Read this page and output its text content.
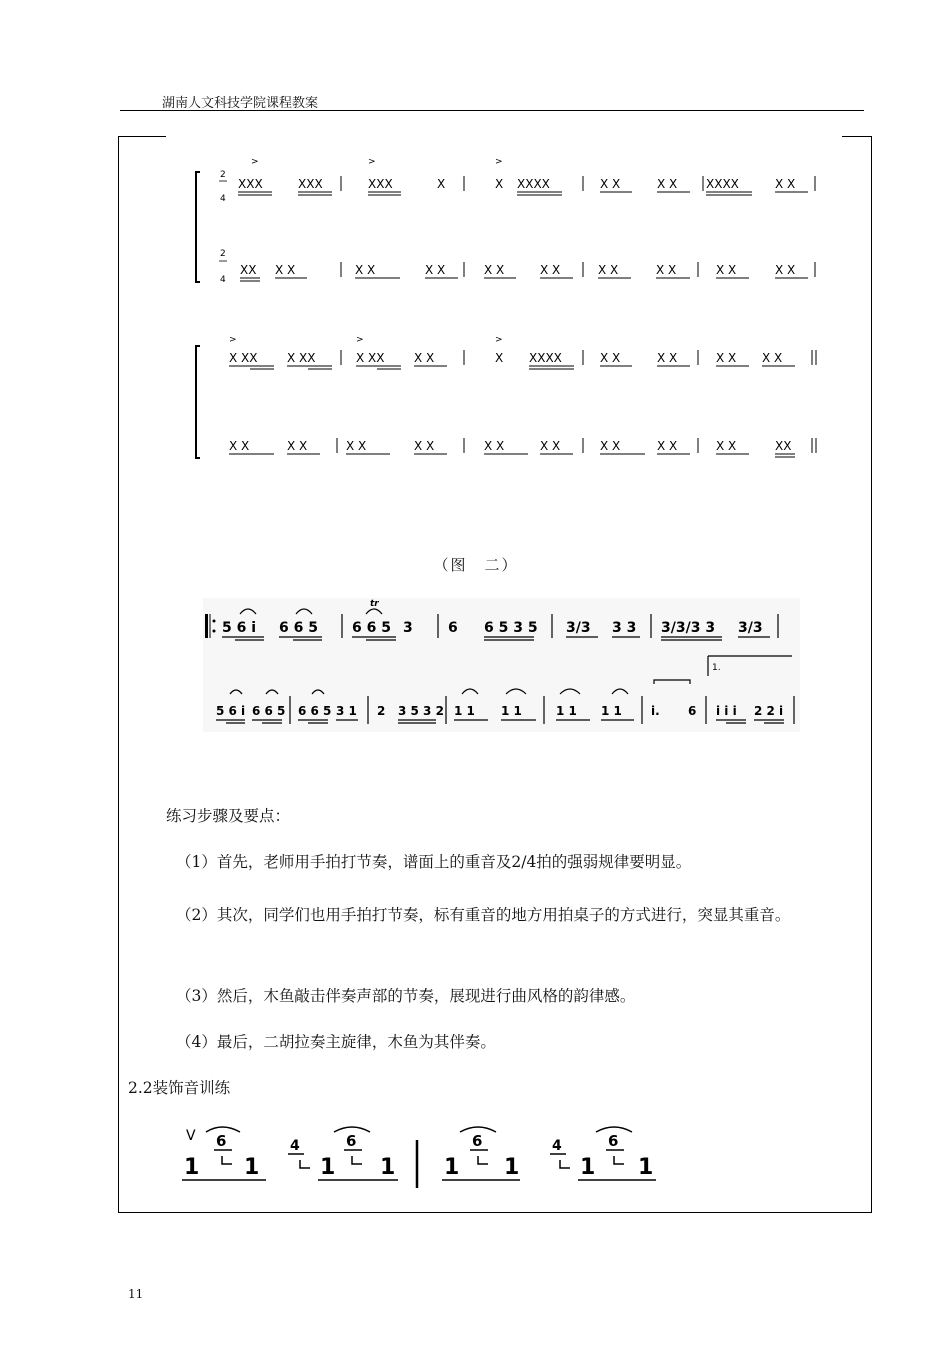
湖南人文科技学院课程教案
2
4
>
XXX	XXX
>
XXX	X
>
X XXXX	X X	X X XXXX	X X
2
4
XX X X	X X	X X	X X	X X	X X	X X	X X	X X
>
X XX X XX
>
X XX X X
>
X XXXX	X X	X X	X X X X
X X	X X	X X	X X	X X	X X	X X	X X	X X	XX
（图　二）
5 6 i 6 6 5 6 6 5 3
tr
6 6 5 3 5 3/3 3 3 3/3/3 3 3/3
1.
5 6 i 6 6 5 6 6 5 3 1 2 3 5 3 2 1 1 1 1	1 1 1 1 i. 6 i i i 2 2 i
练习步骤及要点：
（1）首先，老师用手拍打节奏，谱面上的重音及2/4拍的强弱规律要明显。
（2）其次，同学们也用手拍打节奏，标有重音的地方用拍桌子的方式进行，突显其重音。
（3）然后，木鱼敲击伴奏声部的节奏，展现进行曲风格的韵律感。
（4）最后，二胡拉奏主旋律，木鱼为其伴奏。
2.2装饰音训练
V
1
6
1
4
1
6
1 1
6
1
4
1
6
1
11
